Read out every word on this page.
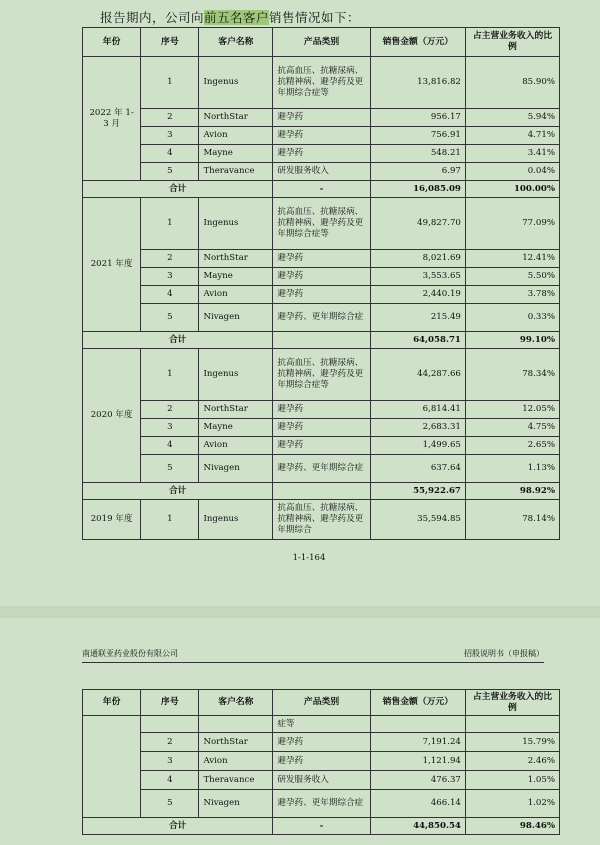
报告期内，公司向前五名客户销售情况如下：
年份	序号	客户名称	产品类别	销售金额（万元）	占主营业务收入的比例
2022 年 1-3 月	1	Ingenus	抗高血压、抗糖尿病、抗精神病、避孕药及更年期综合症等	13,816.82	85.90%
	2	NorthStar	避孕药	956.17	5.94%
	3	Avion	避孕药	756.91	4.71%
	4	Mayne	避孕药	548.21	3.41%
	5	Theravance	研发服务收入	6.97	0.04%
合计			-	16,085.09	100.00%
2021 年度	1	Ingenus	抗高血压、抗糖尿病、抗精神病、避孕药及更年期综合症等	49,827.70	77.09%
	2	NorthStar	避孕药	8,021.69	12.41%
	3	Mayne	避孕药	3,553.65	5.50%
	4	Avion	避孕药	2,440.19	3.78%
	5	Nivagen	避孕药、更年期综合症	215.49	0.33%
合计				64,058.71	99.10%
2020 年度	1	Ingenus	抗高血压、抗糖尿病、抗精神病、避孕药及更年期综合症等	44,287.66	78.34%
	2	NorthStar	避孕药	6,814.41	12.05%
	3	Mayne	避孕药	2,683.31	4.75%
	4	Avion	避孕药	1,499.65	2.65%
	5	Nivagen	避孕药、更年期综合症	637.64	1.13%
合计				55,922.67	98.92%
2019 年度	1	Ingenus	抗高血压、抗糖尿病、抗精神病、避孕药及更年期综合	35,594.85	78.14%
1-1-164
南通联亚药业股份有限公司	招股说明书（申报稿）
年份	序号	客户名称	产品类别	销售金额（万元）	占主营业务收入的比例
			症等		
	2	NorthStar	避孕药	7,191.24	15.79%
	3	Avion	避孕药	1,121.94	2.46%
	4	Theravance	研发服务收入	476.37	1.05%
	5	Nivagen	避孕药、更年期综合症	466.14	1.02%
合计			-	44,850.54	98.46%
